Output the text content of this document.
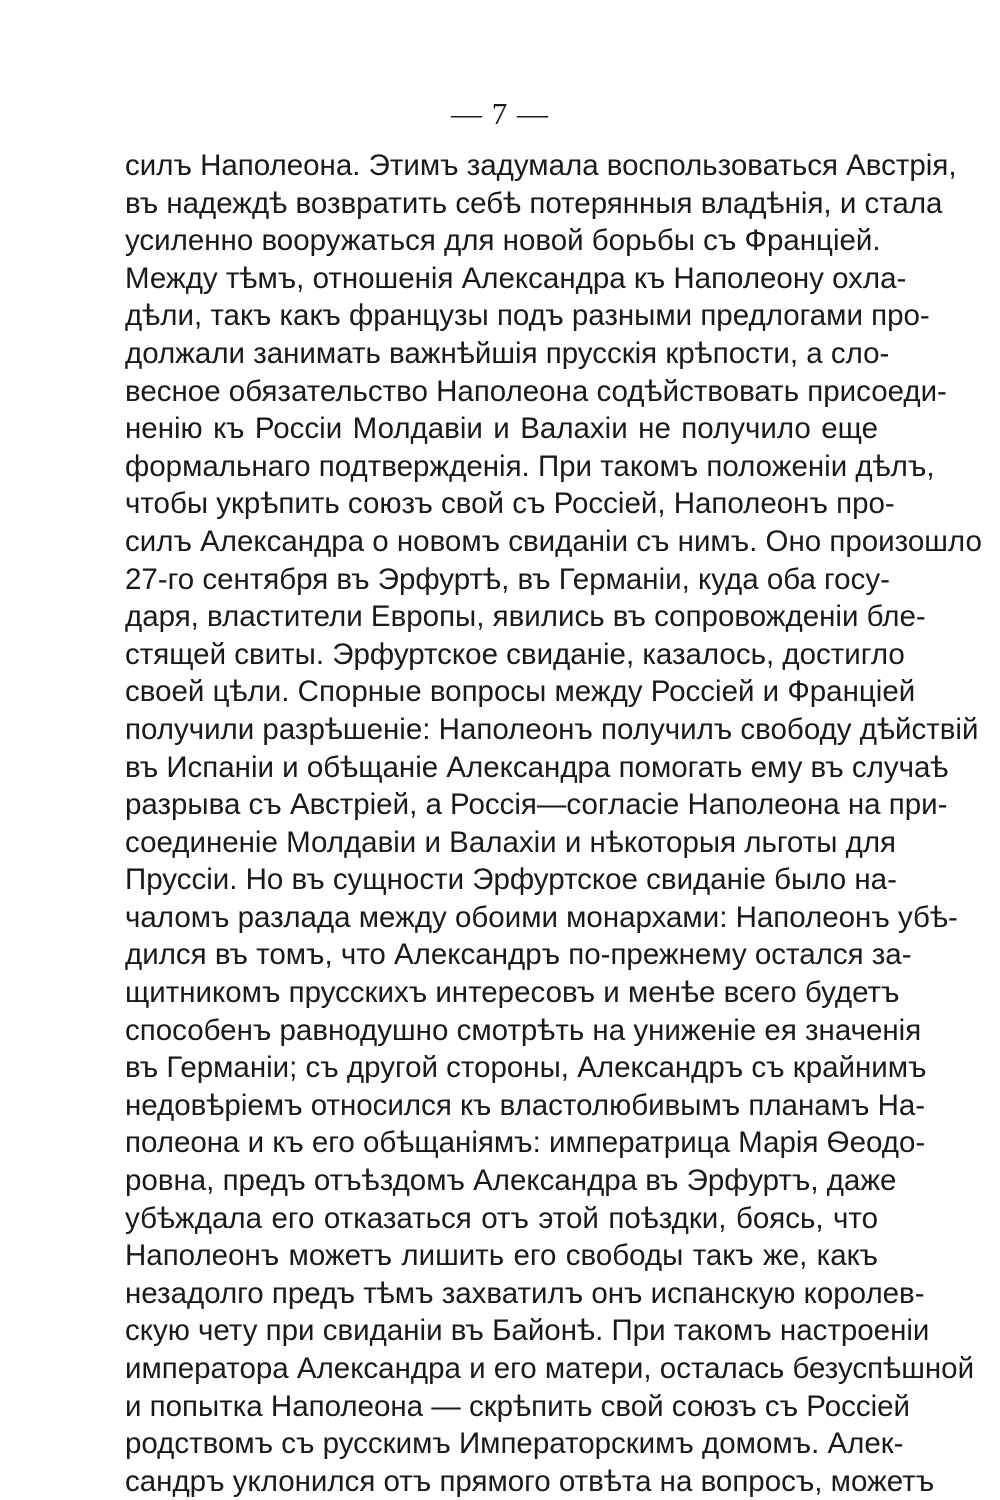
— 7 —
силъ Наполеона. Этимъ задумала воспользоваться Австрія,
въ надеждѣ возвратить себѣ потерянныя владѣнія, и стала
усиленно вооружаться для новой борьбы съ Франціей.
Между тѣмъ, отношенія Александра къ Наполеону охла-
дѣли, такъ какъ французы подъ разными предлогами про-
должали занимать важнѣйшія прусскія крѣпости, а сло-
весное обязательство Наполеона содѣйствовать присоеди-
ненію къ Россіи Молдавіи и Валахіи не получило еще
формальнаго подтвержденія. При такомъ положеніи дѣлъ,
чтобы укрѣпить союзъ свой съ Россіей, Наполеонъ про-
силъ Александра о новомъ свиданіи съ нимъ. Оно произошло
27-го сентября въ Эрфуртѣ, въ Германіи, куда оба госу-
даря, властители Европы, явились въ сопровожденіи бле-
стящей свиты. Эрфуртское свиданіе, казалось, достигло
своей цѣли. Спорные вопросы между Россіей и Франціей
получили разрѣшеніе: Наполеонъ получилъ свободу дѣйствій
въ Испаніи и обѣщаніе Александра помогать ему въ случаѣ
разрыва съ Австріей, а Россія—согласіе Наполеона на при-
соединеніе Молдавіи и Валахіи и нѣкоторыя льготы для
Пруссіи. Но въ сущности Эрфуртское свиданіе было на-
чаломъ разлада между обоими монархами: Наполеонъ убѣ-
дился въ томъ, что Александръ по-прежнему остался за-
щитникомъ прусскихъ интересовъ и менѣе всего будетъ
способенъ равнодушно смотрѣть на униженіе ея значенія
въ Германіи; съ другой стороны, Александръ съ крайнимъ
недовѣріемъ относился къ властолюбивымъ планамъ На-
полеона и къ его обѣщаніямъ: императрица Марія Ѳеодо-
ровна, предъ отъѣздомъ Александра въ Эрфуртъ, даже
убѣждала его отказаться отъ этой поѣздки, боясь, что
Наполеонъ можетъ лишить его свободы такъ же, какъ
незадолго предъ тѣмъ захватилъ онъ испанскую королев-
скую чету при свиданіи въ Байонѣ. При такомъ настроеніи
императора Александра и его матери, осталась безуспѣшной
и попытка Наполеона — скрѣпить свой союзъ съ Россіей
родствомъ съ русскимъ Императорскимъ домомъ. Алек-
сандръ уклонился отъ прямого отвѣта на вопросъ, можетъ
